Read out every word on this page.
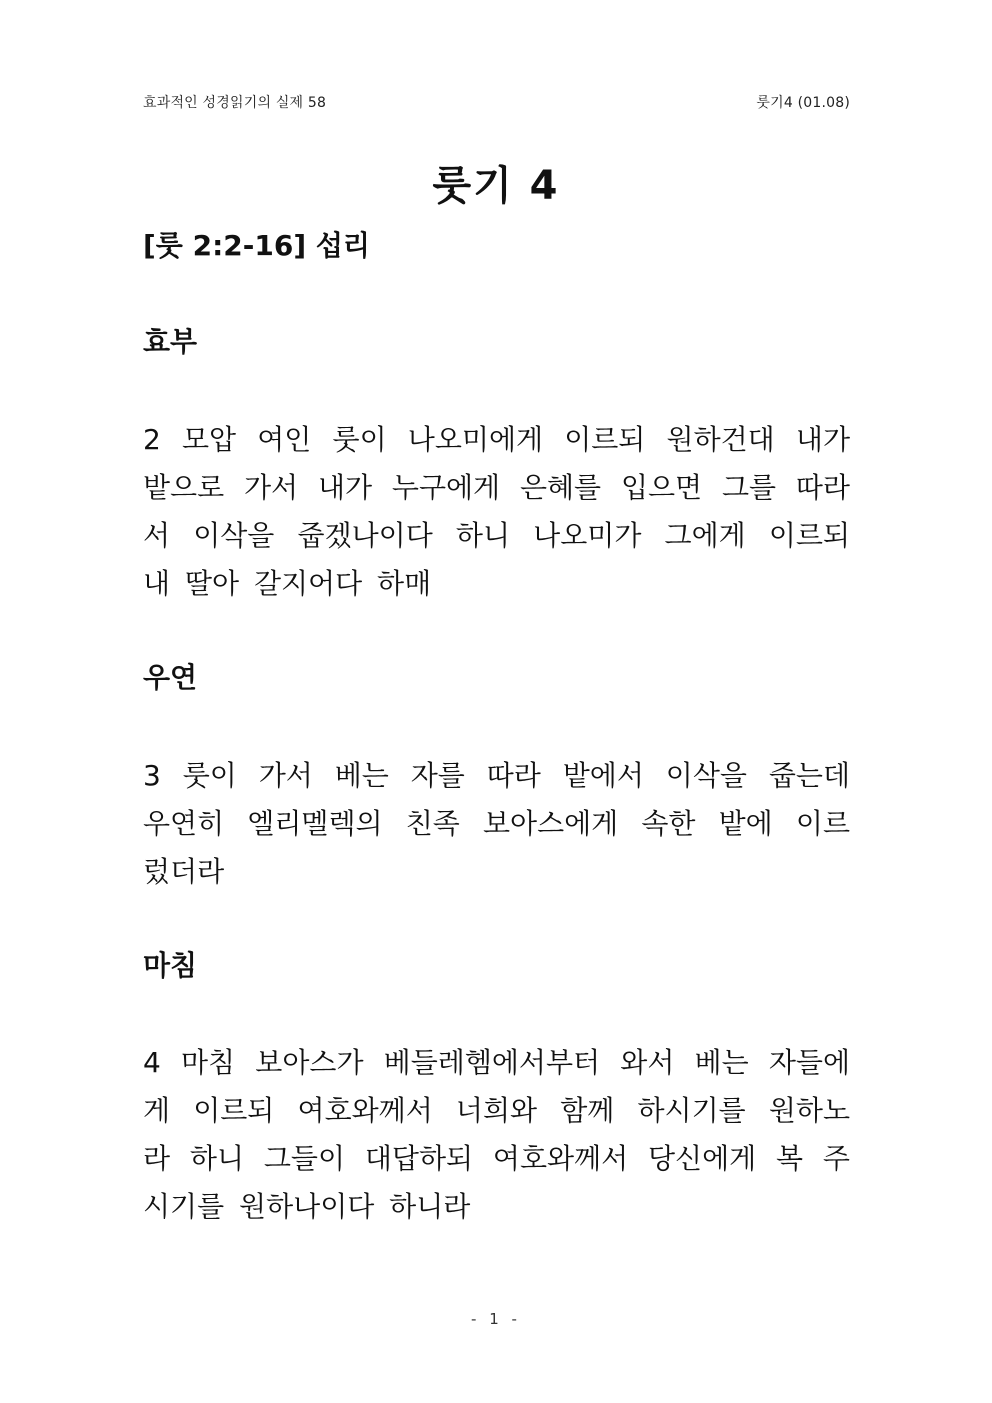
효과적인 성경읽기의 실제 58	룻기4 (01.08)
룻기 4
[룻 2:2-16] 섭리
효부
2 모압 여인 룻이 나오미에게 이르되 원하건대 내가
밭으로 가서 내가 누구에게 은혜를 입으면 그를 따라
서 이삭을 줍겠나이다 하니 나오미가 그에게 이르되
내 딸아 갈지어다 하매
우연
3 룻이 가서 베는 자를 따라 밭에서 이삭을 줍는데
우연히 엘리멜렉의 친족 보아스에게 속한 밭에 이르
렀더라
마침
4 마침 보아스가 베들레헴에서부터 와서 베는 자들에
게 이르되 여호와께서 너희와 함께 하시기를 원하노
라 하니 그들이 대답하되 여호와께서 당신에게 복 주
시기를 원하나이다 하니라
- 1 -
